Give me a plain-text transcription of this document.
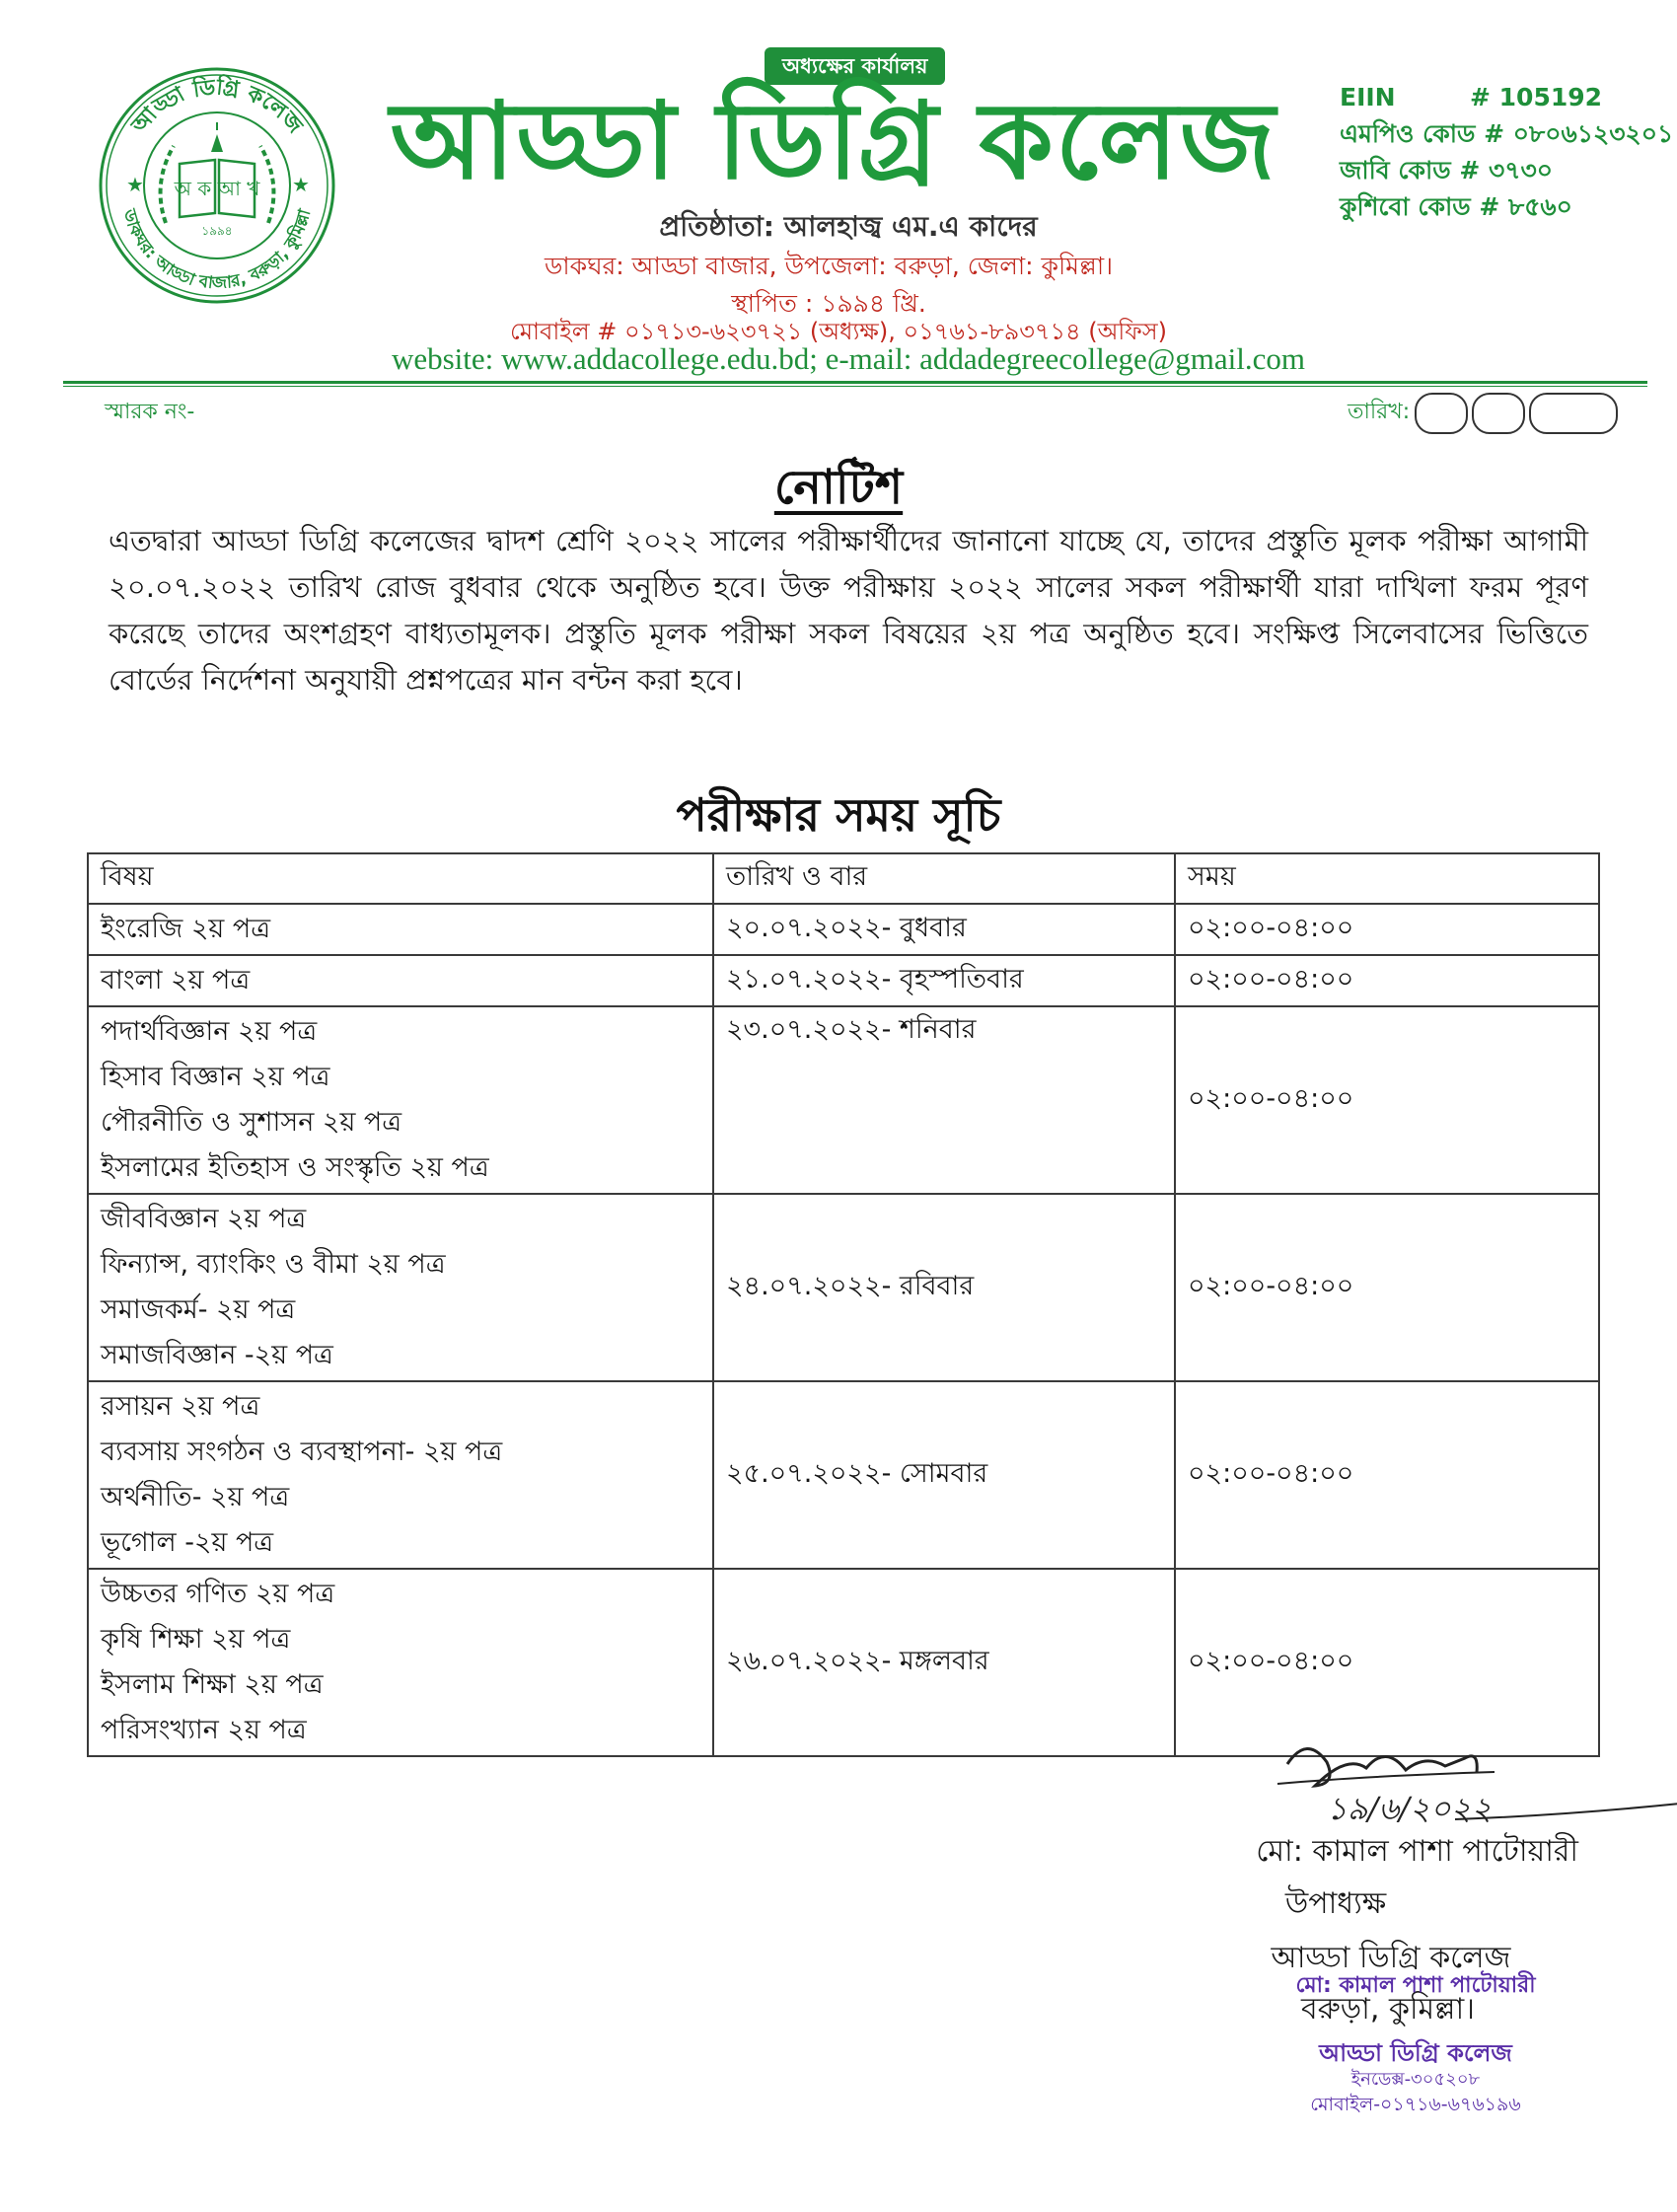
আড্ডা ডিগ্রি কলেজ
ডাকঘর: আড্ডা বাজার, বরুড়া, কুমিল্লা
★	★
অ ক আ খ
১৯৯৪
অধ্যক্ষের কার্যালয়
আড্ডা ডিগ্রি কলেজ
প্রতিষ্ঠাতা: আলহাজ্ব এম.এ কাদের
ডাকঘর: আড্ডা বাজার, উপজেলা: বরুড়া, জেলা: কুমিল্লা।
স্থাপিত : ১৯৯৪ খ্রি.
মোবাইল # ০১৭১৩-৬২৩৭২১ (অধ্যক্ষ), ০১৭৬১-৮৯৩৭১৪ (অফিস)
website: www.addacollege.edu.bd; e-mail: addadegreecollege@gmail.com
EIIN	# 105192
এমপিও কোড # ০৮০৬১২৩২০১
জাবি কোড # ৩৭৩০
কুশিবো কোড # ৮৫৬০
স্মারক নং-	তারিখ:
নোটিশ
এতদ্বারা আড্ডা ডিগ্রি কলেজের দ্বাদশ শ্রেণি ২০২২ সালের পরীক্ষার্থীদের জানানো যাচ্ছে যে, তাদের প্রস্তুতি মূলক পরীক্ষা আগামী ২০.০৭.২০২২ তারিখ রোজ বুধবার থেকে অনুষ্ঠিত হবে। উক্ত পরীক্ষায় ২০২২ সালের সকল পরীক্ষার্থী যারা দাখিলা ফরম পূরণ করেছে তাদের অংশগ্রহণ বাধ্যতামূলক। প্রস্তুতি মূলক পরীক্ষা সকল বিষয়ের ২য় পত্র অনুষ্ঠিত হবে। সংক্ষিপ্ত সিলেবাসের ভিত্তিতে বোর্ডের নির্দেশনা অনুযায়ী প্রশ্নপত্রের মান বন্টন করা হবে।
পরীক্ষার সময় সূচি
বিষয়	তারিখ ও বার	সময়

ইংরেজি ২য় পত্র	২০.০৭.২০২২- বুধবার	০২:০০-০৪:০০

বাংলা ২য় পত্র	২১.০৭.২০২২- বৃহস্পতিবার	০২:০০-০৪:০০

পদার্থবিজ্ঞান ২য় পত্র
হিসাব বিজ্ঞান ২য় পত্র
পৌরনীতি ও সুশাসন ২য় পত্র
ইসলামের ইতিহাস ও সংস্কৃতি ২য় পত্র	২৩.০৭.২০২২- শনিবার	০২:০০-০৪:০০

জীববিজ্ঞান ২য় পত্র
ফিন্যান্স, ব্যাংকিং ও বীমা ২য় পত্র
সমাজকর্ম- ২য় পত্র
সমাজবিজ্ঞান -২য় পত্র	২৪.০৭.২০২২- রবিবার	০২:০০-০৪:০০

রসায়ন ২য় পত্র
ব্যবসায় সংগঠন ও ব্যবস্থাপনা- ২য় পত্র
অর্থনীতি- ২য় পত্র
ভূগোল -২য় পত্র	২৫.০৭.২০২২- সোমবার	০২:০০-০৪:০০

উচ্চতর গণিত ২য় পত্র
কৃষি শিক্ষা ২য় পত্র
ইসলাম শিক্ষা ২য় পত্র
পরিসংখ্যান ২য় পত্র	২৬.০৭.২০২২- মঙ্গলবার	০২:০০-০৪:০০
১৯/৬/২০২২
মো: কামাল পাশা পাটোয়ারী
উপাধ্যক্ষ
আড্ডা ডিগ্রি কলেজ
বরুড়া, কুমিল্লা।
মো: কামাল পাশা পাটোয়ারী
আড্ডা ডিগ্রি কলেজ
ইনডেক্স-৩০৫২০৮
মোবাইল-০১৭১৬-৬৭৬১৯৬
